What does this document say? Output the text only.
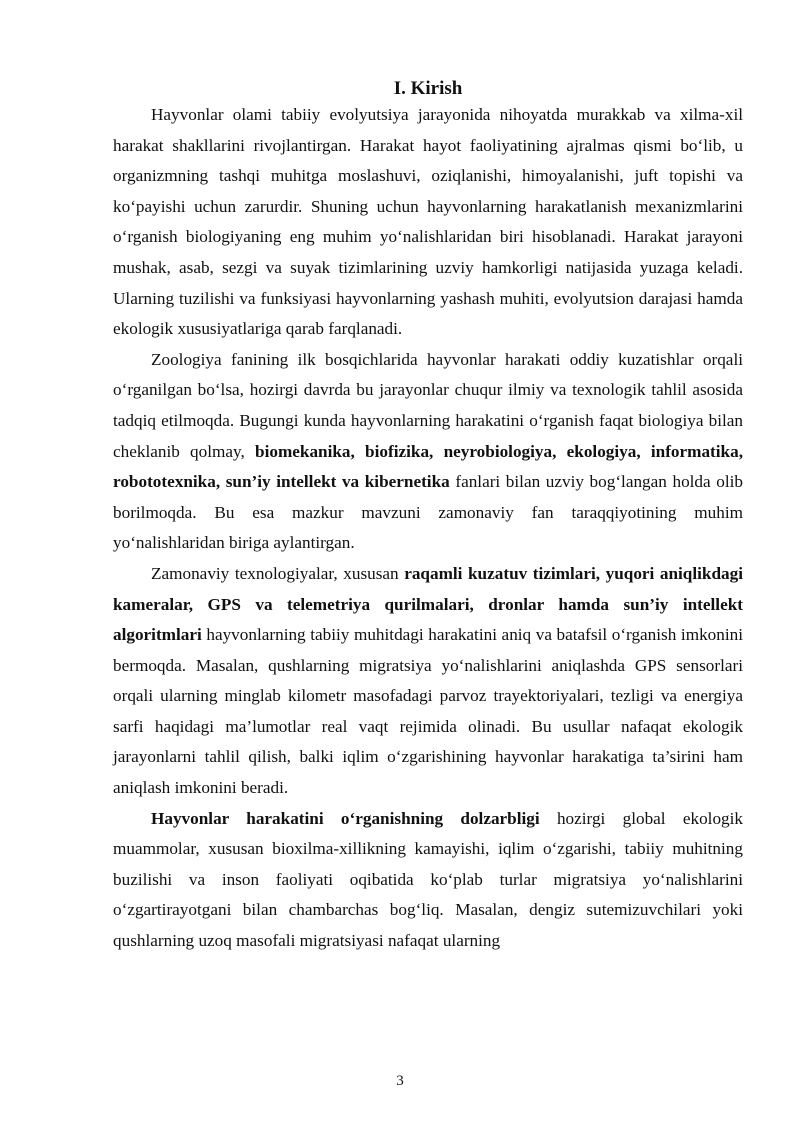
I. Kirish

Hayvonlar olami tabiiy evolyutsiya jarayonida nihoyatda murakkab va xilma-xil harakat shakllarini rivojlantirgan. Harakat hayot faoliyatining ajralmas qismi bo‘lib, u organizmning tashqi muhitga moslashuvi, oziqlanishi, himoyalanishi, juft topishi va ko‘payishi uchun zarurdir. Shuning uchun hayvonlarning harakatlanish mexanizmlarini o‘rganish biologiyaning eng muhim yo‘nalishlaridan biri hisoblanadi. Harakat jarayoni mushak, asab, sezgi va suyak tizimlarining uzviy hamkorligi natijasida yuzaga keladi. Ularning tuzilishi va funksiyasi hayvonlarning yashash muhiti, evolyutsion darajasi hamda ekologik xususiyatlariga qarab farqlanadi.

Zoologiya fanining ilk bosqichlarida hayvonlar harakati oddiy kuzatishlar orqali o‘rganilgan bo‘lsa, hozirgi davrda bu jarayonlar chuqur ilmiy va texnologik tahlil asosida tadqiq etilmoqda. Bugungi kunda hayvonlarning harakatini o‘rganish faqat biologiya bilan cheklanib qolmay, biomekanika, biofizika, neyrobiologiya, ekologiya, informatika, robototexnika, sun’iy intellekt va kibernetika fanlari bilan uzviy bog‘langan holda olib borilmoqda. Bu esa mazkur mavzuni zamonaviy fan taraqqiyotining muhim yo‘nalishlaridan biriga aylantirgan.

Zamonaviy texnologiyalar, xususan raqamli kuzatuv tizimlari, yuqori aniqlikdagi kameralar, GPS va telemetriya qurilmalari, dronlar hamda sun’iy intellekt algoritmlari hayvonlarning tabiiy muhitdagi harakatini aniq va batafsil o‘rganish imkonini bermoqda. Masalan, qushlarning migratsiya yo‘nalishlarini aniqlashda GPS sensorlari orqali ularning minglab kilometr masofadagi parvoz trayektoriyalari, tezligi va energiya sarfi haqidagi ma’lumotlar real vaqt rejimida olinadi. Bu usullar nafaqat ekologik jarayonlarni tahlil qilish, balki iqlim o‘zgarishining hayvonlar harakatiga ta’sirini ham aniqlash imkonini beradi.

Hayvonlar harakatini o‘rganishning dolzarbligi hozirgi global ekologik muammolar, xususan bioxilma-xillikning kamayishi, iqlim o‘zgarishi, tabiiy muhitning buzilishi va inson faoliyati oqibatida ko‘plab turlar migratsiya yo‘nalishlarini o‘zgartirayotgani bilan chambarchas bog‘liq. Masalan, dengiz sutemizuvchilari yoki qushlarning uzoq masofali migratsiyasi nafaqat ularning

3
